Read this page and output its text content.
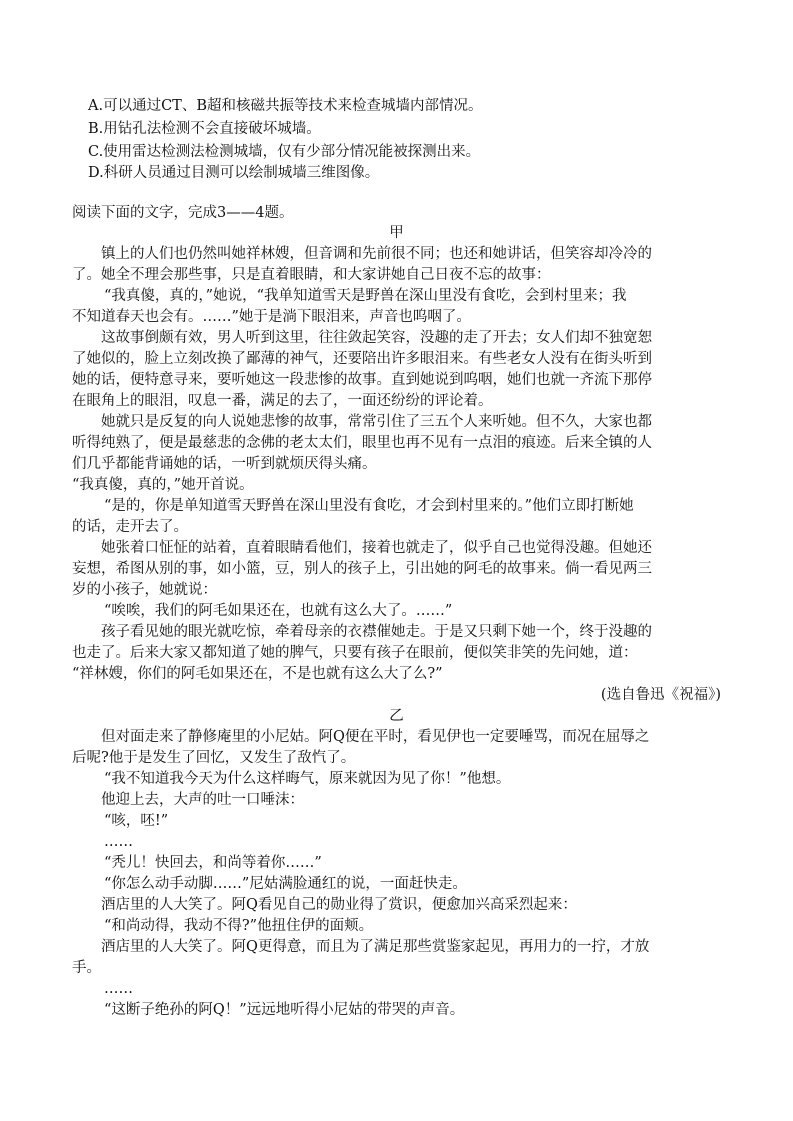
A.可以通过CT、B超和核磁共振等技术来检查城墙内部情况。
B.用钻孔法检测不会直接破坏城墙。
C.使用雷达检测法检测城墙，仅有少部分情况能被探测出来。
D.科研人员通过目测可以绘制城墙三维图像。
阅读下面的文字，完成3——4题。
甲
镇上的人们也仍然叫她祥林嫂，但音调和先前很不同；也还和她讲话，但笑容却冷冷的
了。她全不理会那些事，只是直着眼睛，和大家讲她自己日夜不忘的故事：
“我真傻，真的，”她说，“我单知道雪天是野兽在深山里没有食吃，会到村里来；我
不知道春天也会有。……”她于是淌下眼泪来，声音也呜咽了。
这故事倒颇有效，男人听到这里，往往敛起笑容，没趣的走了开去；女人们却不独宽恕
了她似的，脸上立刻改换了鄙薄的神气，还要陪出许多眼泪来。有些老女人没有在街头听到
她的话，便特意寻来，要听她这一段悲惨的故事。直到她说到呜咽，她们也就一齐流下那停
在眼角上的眼泪，叹息一番，满足的去了，一面还纷纷的评论着。
她就只是反复的向人说她悲惨的故事，常常引住了三五个人来听她。但不久，大家也都
听得纯熟了，便是最慈悲的念佛的老太太们，眼里也再不见有一点泪的痕迹。后来全镇的人
们几乎都能背诵她的话，一听到就烦厌得头痛。
“我真傻，真的，”她开首说。
“是的，你是单知道雪天野兽在深山里没有食吃，才会到村里来的。”他们立即打断她
的话，走开去了。
她张着口怔怔的站着，直着眼睛看他们，接着也就走了，似乎自己也觉得没趣。但她还
妄想，希图从别的事，如小篮，豆，别人的孩子上，引出她的阿毛的故事来。倘一看见两三
岁的小孩子，她就说：
“唉唉，我们的阿毛如果还在，也就有这么大了。……”
孩子看见她的眼光就吃惊，牵着母亲的衣襟催她走。于是又只剩下她一个，终于没趣的
也走了。后来大家又都知道了她的脾气，只要有孩子在眼前，便似笑非笑的先问她，道：
“祥林嫂，你们的阿毛如果还在，不是也就有这么大了么?”
(选自鲁迅《祝福》)
乙
但对面走来了静修庵里的小尼姑。阿Q便在平时，看见伊也一定要唾骂，而况在屈辱之
后呢?他于是发生了回忆，又发生了敌忾了。
“我不知道我今天为什么这样晦气，原来就因为见了你！”他想。
他迎上去，大声的吐一口唾沫：
“咳，呸!”
……
“秃儿！快回去，和尚等着你……”
“你怎么动手动脚……”尼姑满脸通红的说，一面赶快走。
酒店里的人大笑了。阿Q看见自己的勋业得了赏识，便愈加兴高采烈起来：
“和尚动得，我动不得?”他扭住伊的面颊。
酒店里的人大笑了。阿Q更得意，而且为了满足那些赏鉴家起见，再用力的一拧，才放
手。
……
“这断子绝孙的阿Q！”远远地听得小尼姑的带哭的声音。
